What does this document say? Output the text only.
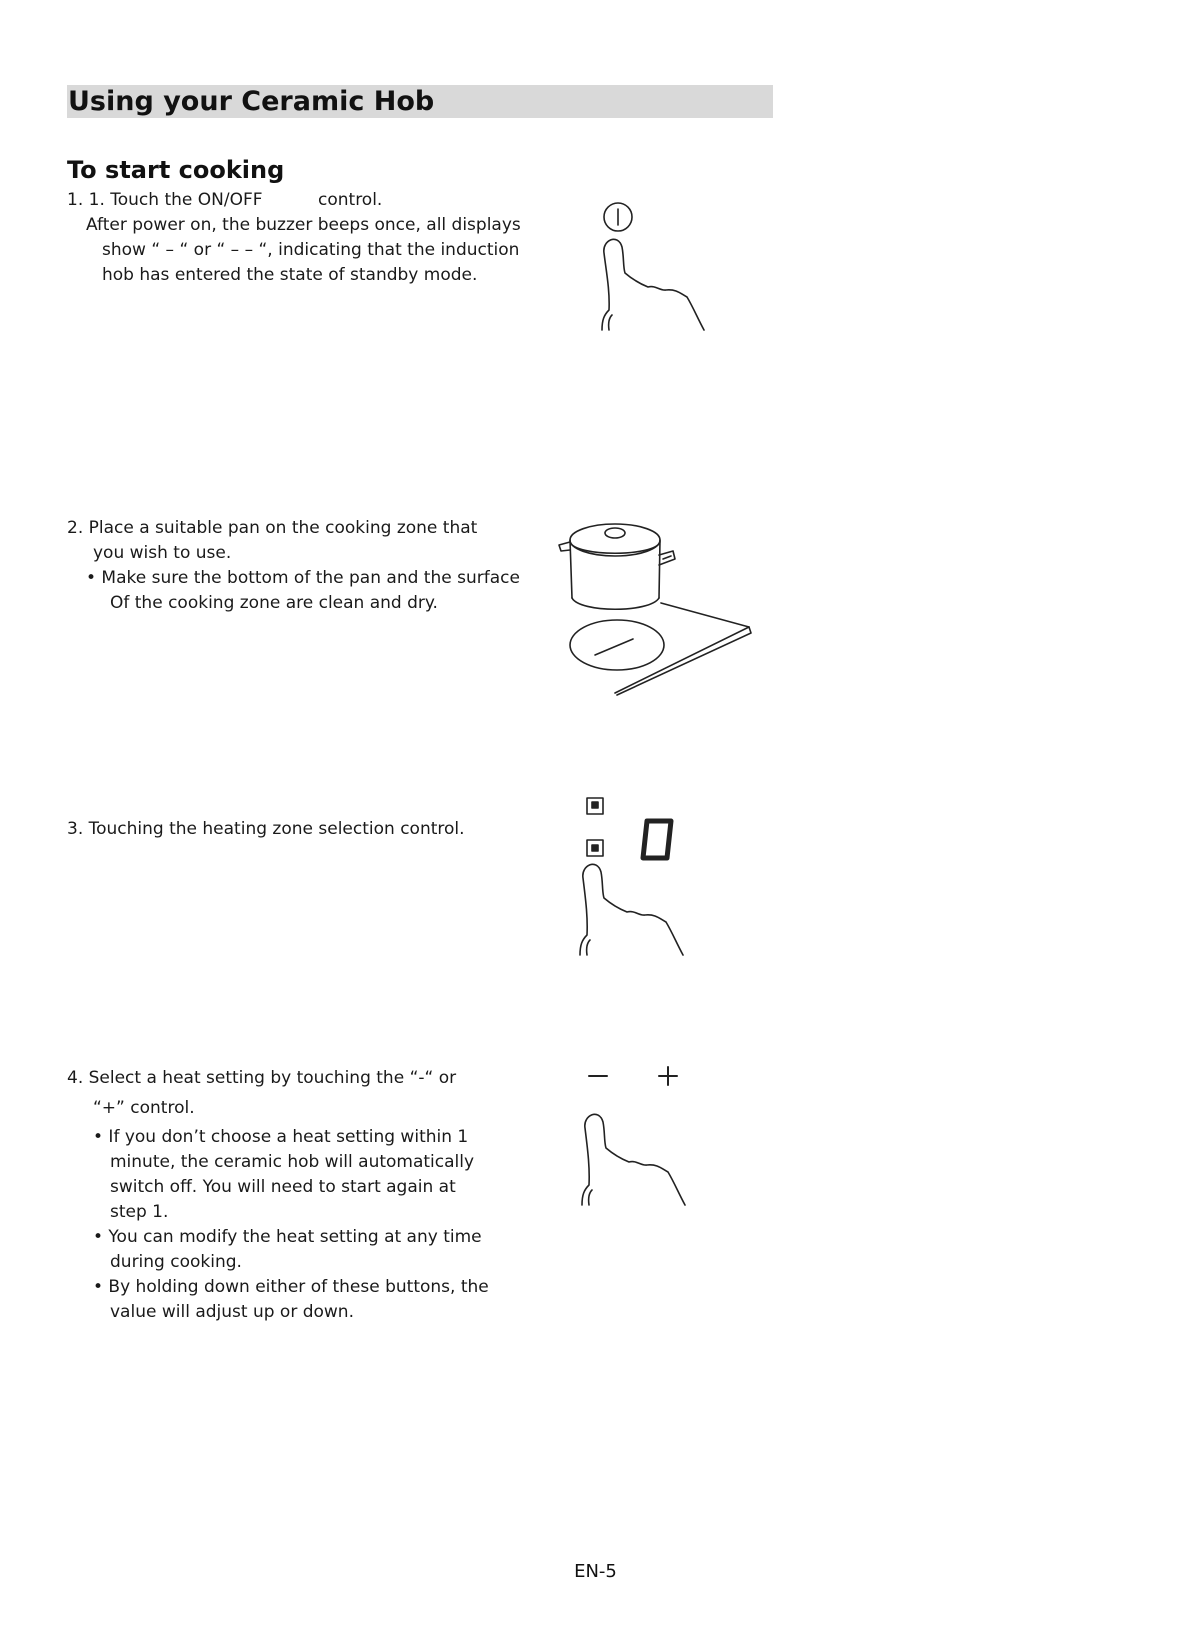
Using your Ceramic Hob
To start cooking
1. 1. Touch the ON/OFF	control.
After power on, the buzzer beeps once, all displays
show “ – “ or “ – – “, indicating that the induction
hob has entered the state of standby mode.
2. Place a suitable pan on the cooking zone that
you wish to use.
• Make sure the bottom of the pan and the surface
Of the cooking zone are clean and dry.
3. Touching the heating zone selection control.
4. Select a heat setting by touching the “-“ or
“+” control.
• If you don’t choose a heat setting within 1
minute, the ceramic hob will automatically
switch off. You will need to start again at
step 1.
• You can modify the heat setting at any time
during cooking.
• By holding down either of these buttons, the
value will adjust up or down.
EN-5
